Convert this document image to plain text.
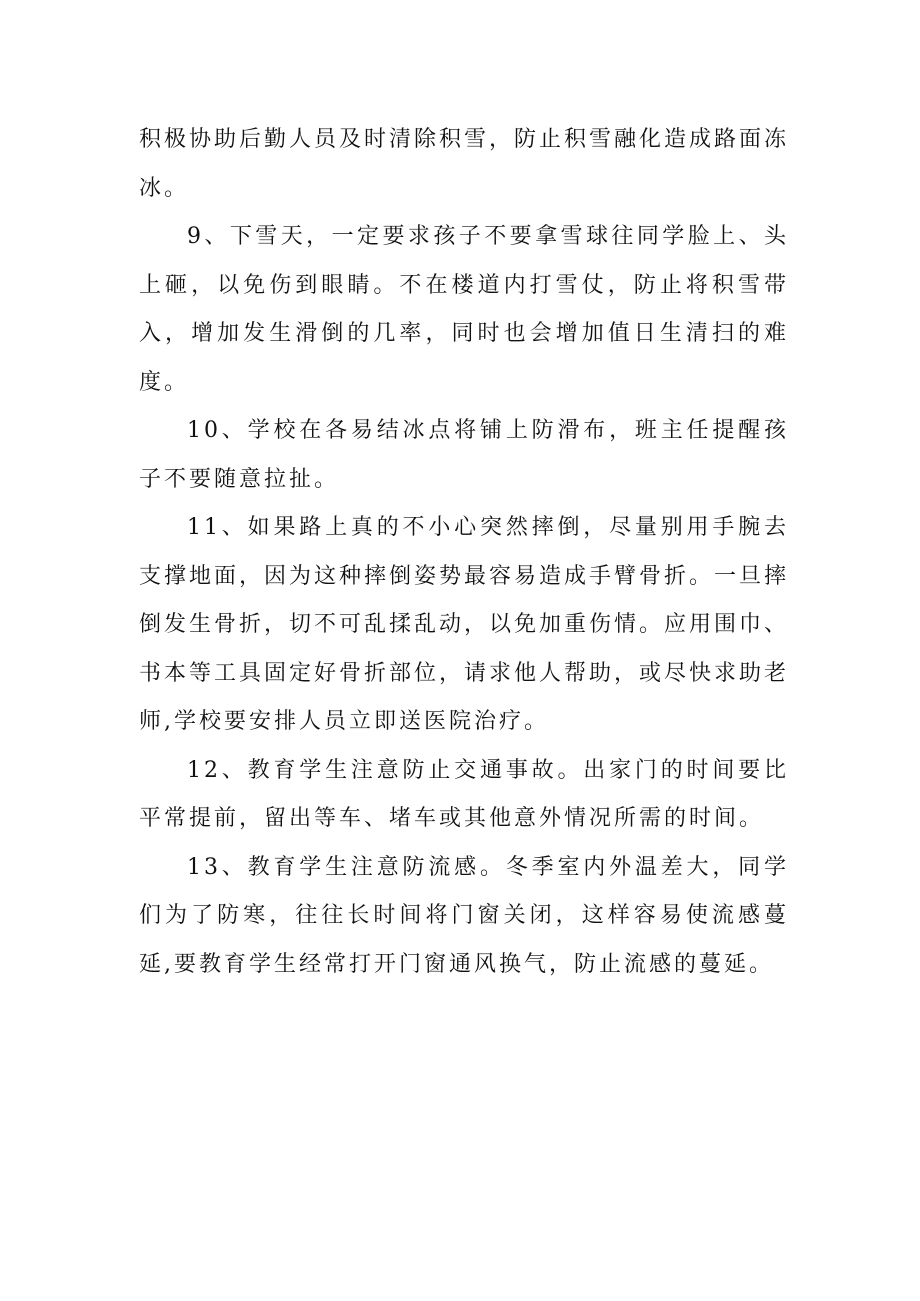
积极协助后勤人员及时清除积雪，防止积雪融化造成路面冻冰。

9、下雪天，一定要求孩子不要拿雪球往同学脸上、头上砸，以免伤到眼睛。不在楼道内打雪仗，防止将积雪带入，增加发生滑倒的几率，同时也会增加值日生清扫的难度。

10、学校在各易结冰点将铺上防滑布，班主任提醒孩子不要随意拉扯。

11、如果路上真的不小心突然摔倒，尽量别用手腕去支撑地面，因为这种摔倒姿势最容易造成手臂骨折。一旦摔倒发生骨折，切不可乱揉乱动，以免加重伤情。应用围巾、书本等工具固定好骨折部位，请求他人帮助，或尽快求助老师,学校要安排人员立即送医院治疗。

12、教育学生注意防止交通事故。出家门的时间要比平常提前，留出等车、堵车或其他意外情况所需的时间。

13、教育学生注意防流感。冬季室内外温差大，同学们为了防寒，往往长时间将门窗关闭，这样容易使流感蔓延,要教育学生经常打开门窗通风换气，防止流感的蔓延。
